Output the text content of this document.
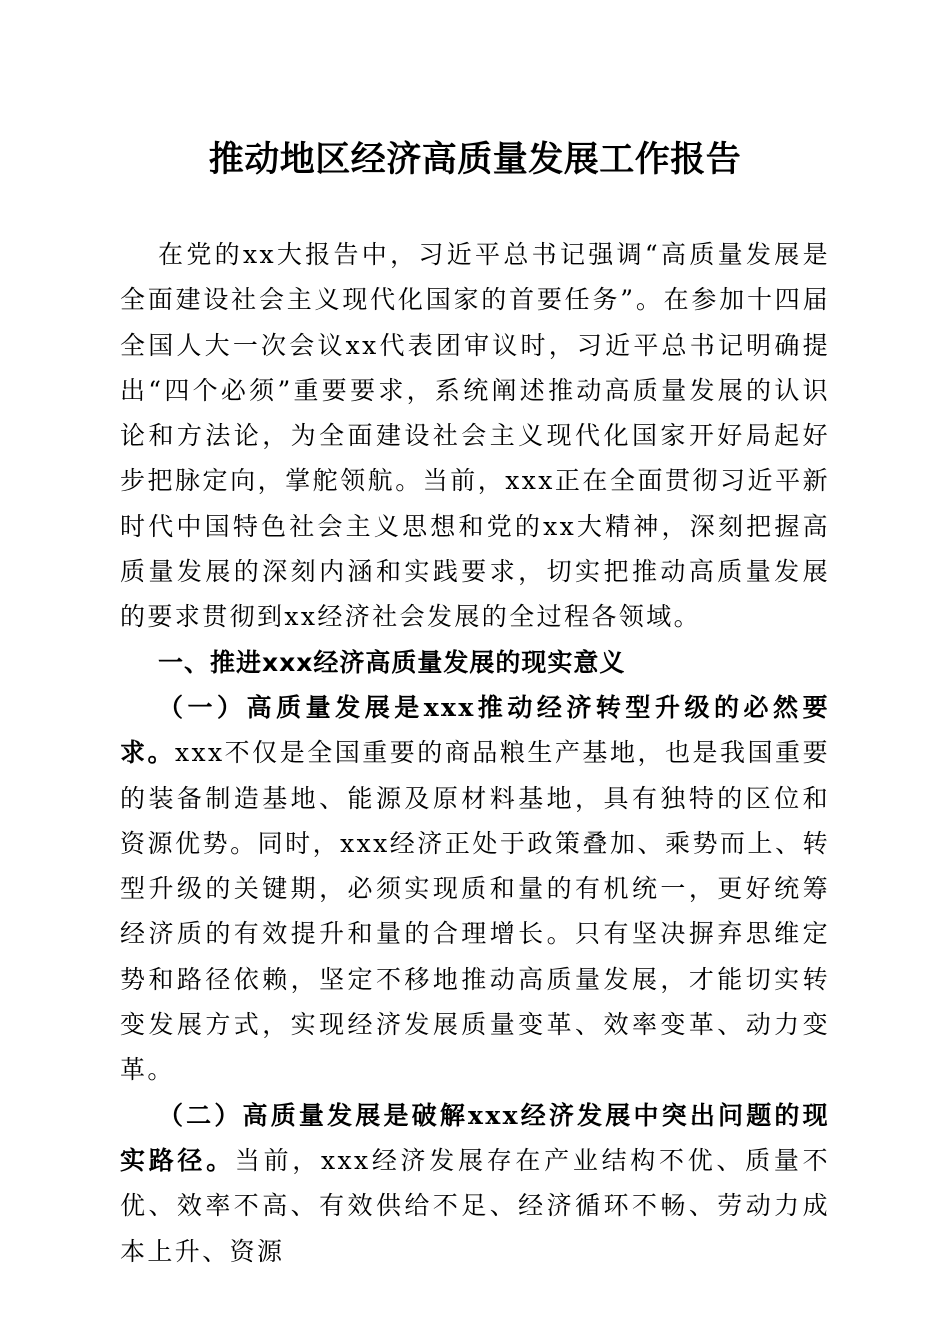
推动地区经济高质量发展工作报告

在党的xx大报告中，习近平总书记强调“高质量发展是全面建设社会主义现代化国家的首要任务”。在参加十四届全国人大一次会议xx代表团审议时，习近平总书记明确提出“四个必须”重要要求，系统阐述推动高质量发展的认识论和方法论，为全面建设社会主义现代化国家开好局起好步把脉定向，掌舵领航。当前，xxx正在全面贯彻习近平新时代中国特色社会主义思想和党的xx大精神，深刻把握高质量发展的深刻内涵和实践要求，切实把推动高质量发展的要求贯彻到xx经济社会发展的全过程各领域。

一、推进xxx经济高质量发展的现实意义

（一）高质量发展是xxx推动经济转型升级的必然要求。xxx不仅是全国重要的商品粮生产基地，也是我国重要的装备制造基地、能源及原材料基地，具有独特的区位和资源优势。同时，xxx经济正处于政策叠加、乘势而上、转型升级的关键期，必须实现质和量的有机统一，更好统筹经济质的有效提升和量的合理增长。只有坚决摒弃思维定势和路径依赖，坚定不移地推动高质量发展，才能切实转变发展方式，实现经济发展质量变革、效率变革、动力变革。

（二）高质量发展是破解xxx经济发展中突出问题的现实路径。当前，xxx经济发展存在产业结构不优、质量不优、效率不高、有效供给不足、经济循环不畅、劳动力成本上升、资源
